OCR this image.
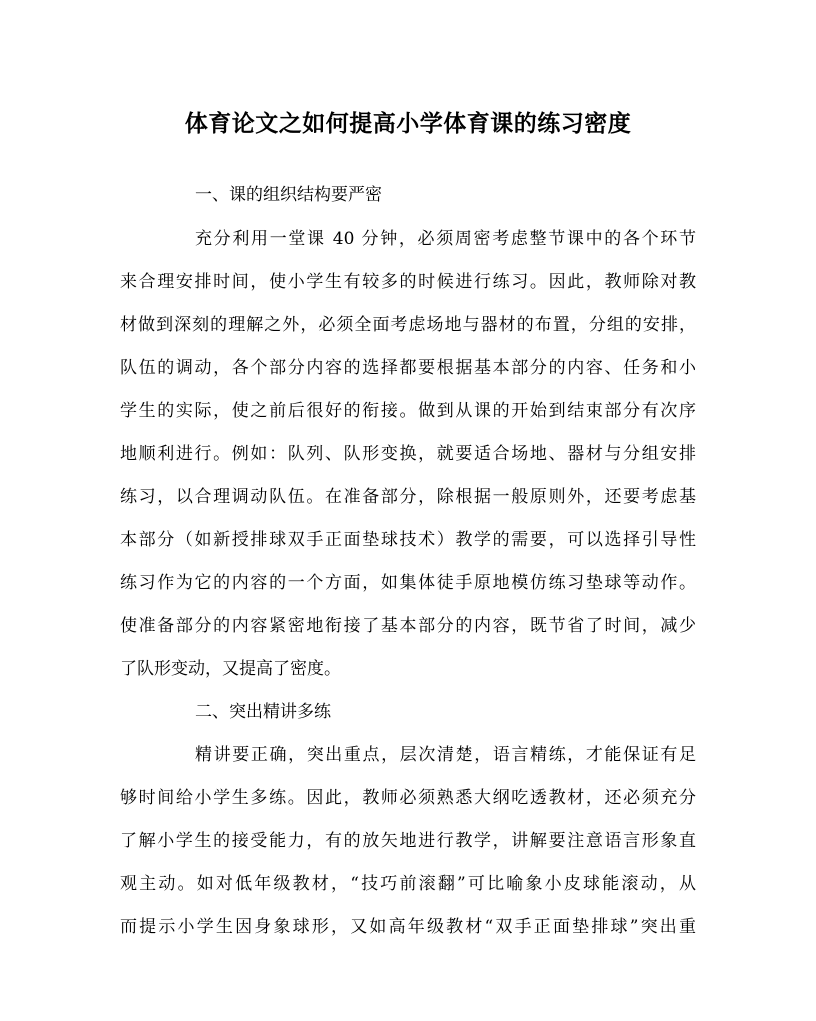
体育论文之如何提高小学体育课的练习密度
一、课的组织结构要严密
充分利用一堂课 40 分钟，必须周密考虑整节课中的各个环节
来合理安排时间，使小学生有较多的时候进行练习。因此，教师除对教
材做到深刻的理解之外，必须全面考虑场地与器材的布置，分组的安排，
队伍的调动，各个部分内容的选择都要根据基本部分的内容、任务和小
学生的实际，使之前后很好的衔接。做到从课的开始到结束部分有次序
地顺利进行。例如：队列、队形变换，就要适合场地、器材与分组安排
练习，以合理调动队伍。在准备部分，除根据一般原则外，还要考虑基
本部分（如新授排球双手正面垫球技术）教学的需要，可以选择引导性
练习作为它的内容的一个方面，如集体徒手原地模仿练习垫球等动作。
使准备部分的内容紧密地衔接了基本部分的内容，既节省了时间，减少
了队形变动，又提高了密度。
二、突出精讲多练
精讲要正确，突出重点，层次清楚，语言精练，才能保证有足
够时间给小学生多练。因此，教师必须熟悉大纲吃透教材，还必须充分
了解小学生的接受能力，有的放矢地进行教学，讲解要注意语言形象直
观主动。如对低年级教材，“技巧前滚翻”可比喻象小皮球能滚动，从
而提示小学生因身象球形，又如高年级教材“双手正面垫排球”突出重
